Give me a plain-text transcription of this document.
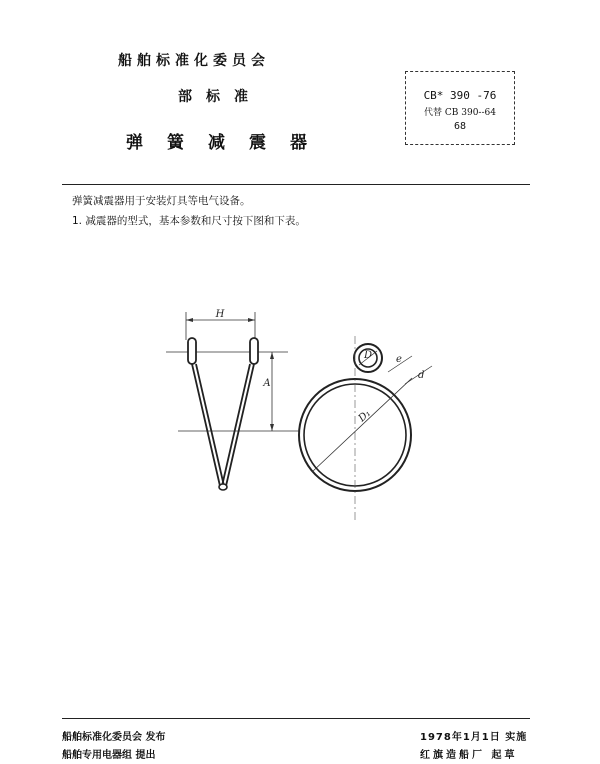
船舶标准化委员会
部标准
弹簧减震器
CB* 390 -76
代替 CB 390--64
68
弹簧减震器用于安装灯具等电气设备。
1. 减震器的型式，基本参数和尺寸按下图和下表。
H
A
D
D₁
e
d
船舶标准化委员会 发布
船舶专用电器组 提出
1978年1月1日 实施
红旗造船厂 起草
